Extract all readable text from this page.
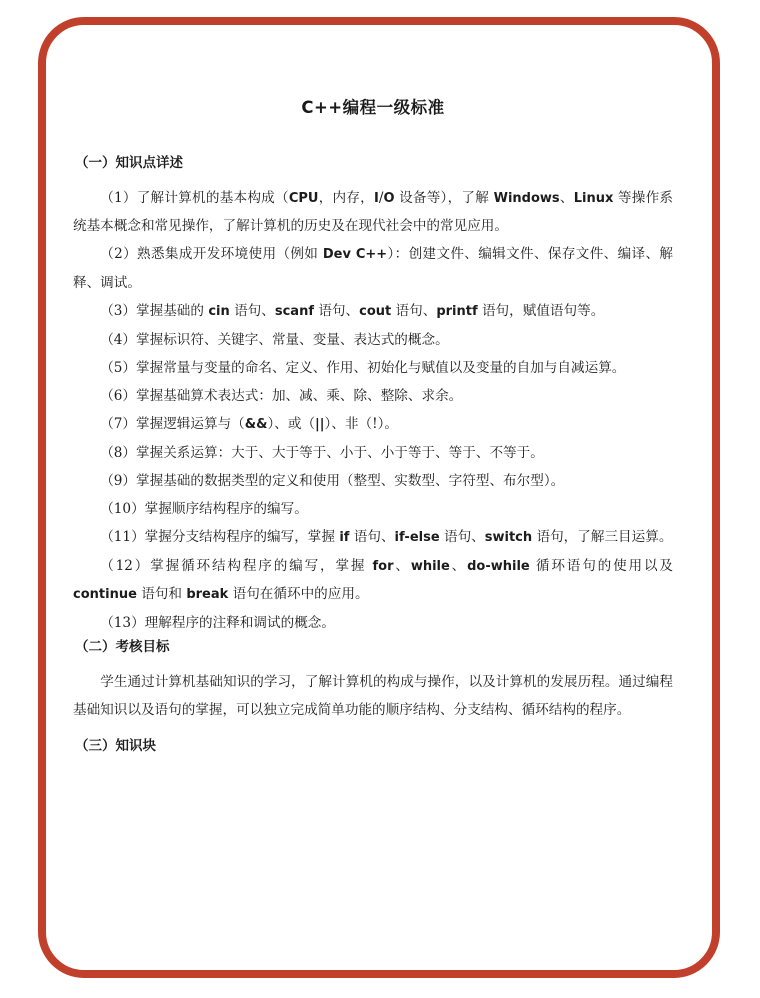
C++编程一级标准
（一）知识点详述

（1）了解计算机的基本构成（CPU，内存，I/O 设备等），了解 Windows、Linux 等操作系统基本概念和常见操作，了解计算机的历史及在现代社会中的常见应用。

（2）熟悉集成开发环境使用（例如 Dev C++）：创建文件、编辑文件、保存文件、编译、解释、调试。

（3）掌握基础的 cin 语句、scanf 语句、cout 语句、printf 语句，赋值语句等。

（4）掌握标识符、关键字、常量、变量、表达式的概念。

（5）掌握常量与变量的命名、定义、作用、初始化与赋值以及变量的自加与自减运算。

（6）掌握基础算术表达式：加、减、乘、除、整除、求余。

（7）掌握逻辑运算与（&&）、或（||）、非（!）。

（8）掌握关系运算：大于、大于等于、小于、小于等于、等于、不等于。

（9）掌握基础的数据类型的定义和使用（整型、实数型、字符型、布尔型）。

（10）掌握顺序结构程序的编写。

（11）掌握分支结构程序的编写，掌握 if 语句、if-else 语句、switch 语句，了解三目运算。

（12）掌握循环结构程序的编写，掌握 for、while、do-while 循环语句的使用以及 continue 语句和 break 语句在循环中的应用。

（13）理解程序的注释和调试的概念。

（二）考核目标

学生通过计算机基础知识的学习，了解计算机的构成与操作，以及计算机的发展历程。通过编程基础知识以及语句的掌握，可以独立完成简单功能的顺序结构、分支结构、循环结构的程序。

（三）知识块
